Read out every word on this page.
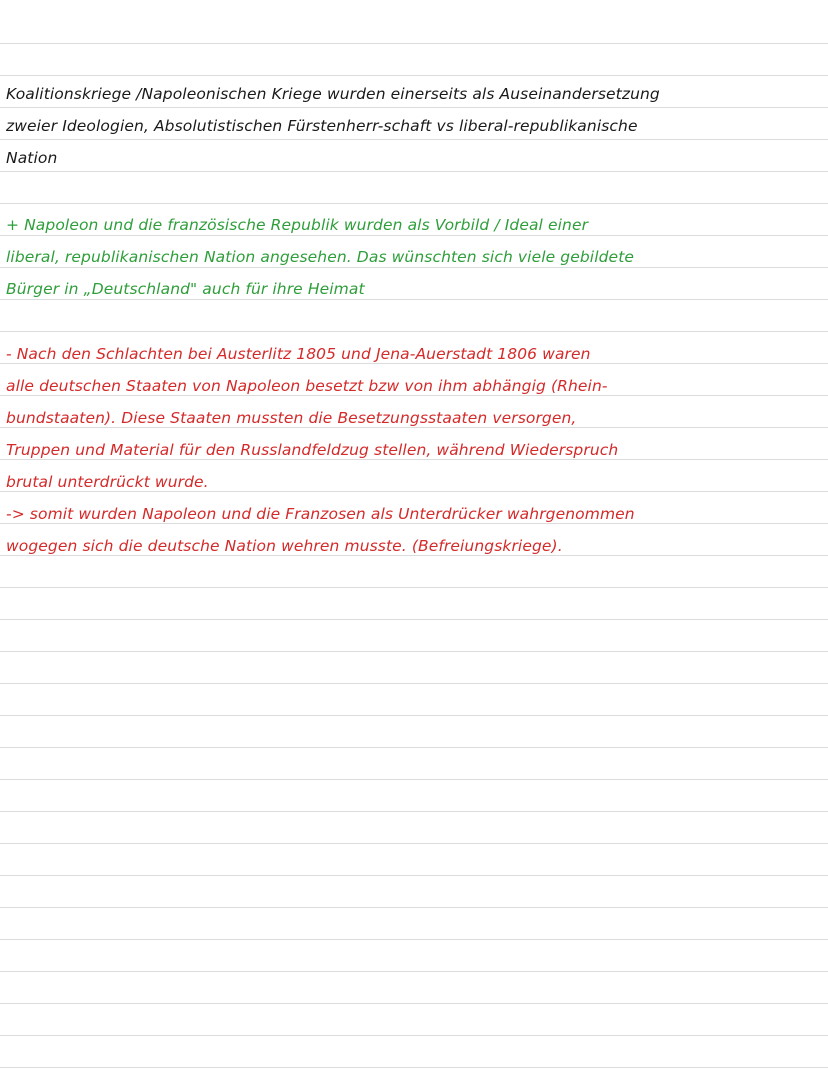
Koalitionskriege /Napoleonischen Kriege wurden einerseits als Auseinandersetzung
zweier Ideologien, Absolutistischen Fürstenherr-schaft vs liberal-republikanische
Nation
+ Napoleon und die französische Republik wurden als Vorbild / Ideal einer
liberal, republikanischen Nation angesehen. Das wünschten sich viele gebildete
Bürger in „Deutschland" auch für ihre Heimat
- Nach den Schlachten bei Austerlitz 1805 und Jena-Auerstadt 1806 waren
alle deutschen Staaten von Napoleon besetzt bzw von ihm abhängig (Rhein-
bundstaaten). Diese Staaten mussten die Besetzungsstaaten versorgen,
Truppen und Material für den Russlandfeldzug stellen, während Wiederspruch
brutal unterdrückt wurde.
-> somit wurden Napoleon und die Franzosen als Unterdrücker wahrgenommen
wogegen sich die deutsche Nation wehren musste. (Befreiungskriege).
